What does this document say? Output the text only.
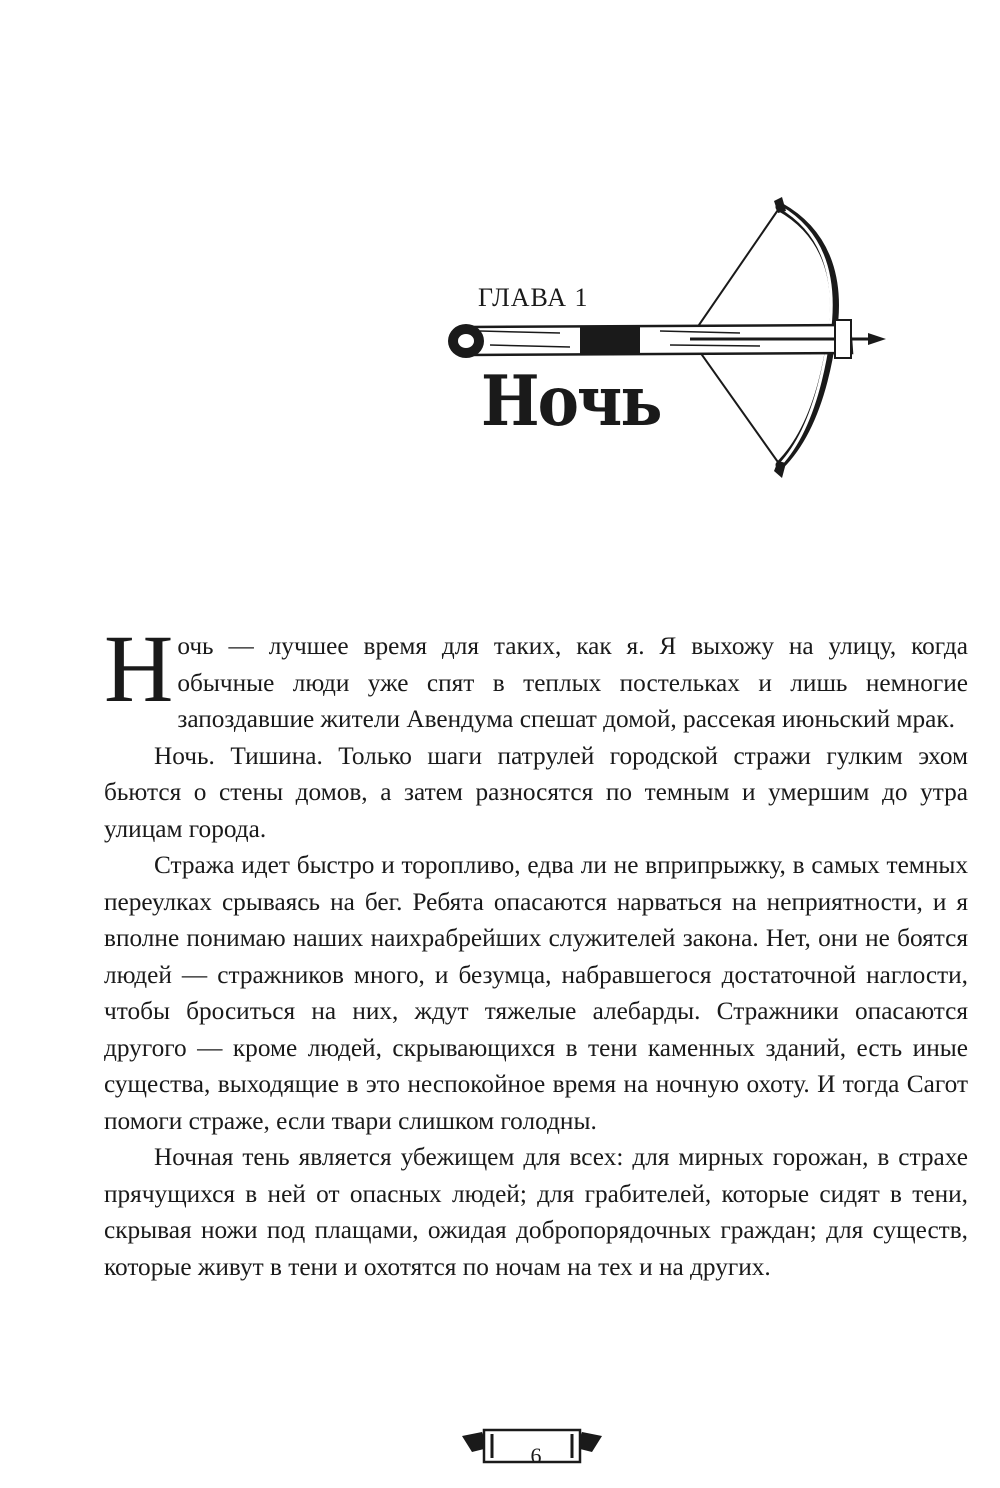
ГЛАВА 1
Ночь

Ночь — лучшее время для таких, как я. Я выхожу на улицу, когда обычные люди уже спят в теплых постельках и лишь немногие запоздавшие жители Авендума спешат домой, рассекая июньский мрак.

Ночь. Тишина. Только шаги патрулей городской стражи гулким эхом бьются о стены домов, а затем разносятся по темным и умершим до утра улицам города.

Стража идет быстро и торопливо, едва ли не вприпрыжку, в самых темных переулках срываясь на бег. Ребята опасаются нарваться на неприятности, и я вполне понимаю наших наихрабрейших служителей закона. Нет, они не боятся людей — стражников много, и безумца, набравшегося достаточной наглости, чтобы броситься на них, ждут тяжелые алебарды. Стражники опасаются другого — кроме людей, скрывающихся в тени каменных зданий, есть иные существа, выходящие в это неспокойное время на ночную охоту. И тогда Сагот помоги страже, если твари слишком голодны.

Ночная тень является убежищем для всех: для мирных горожан, в страхе прячущихся в ней от опасных людей; для грабителей, которые сидят в тени, скрывая ножи под плащами, ожидая добропорядочных граждан; для существ, которые живут в тени и охотятся по ночам на тех и на других.

6
